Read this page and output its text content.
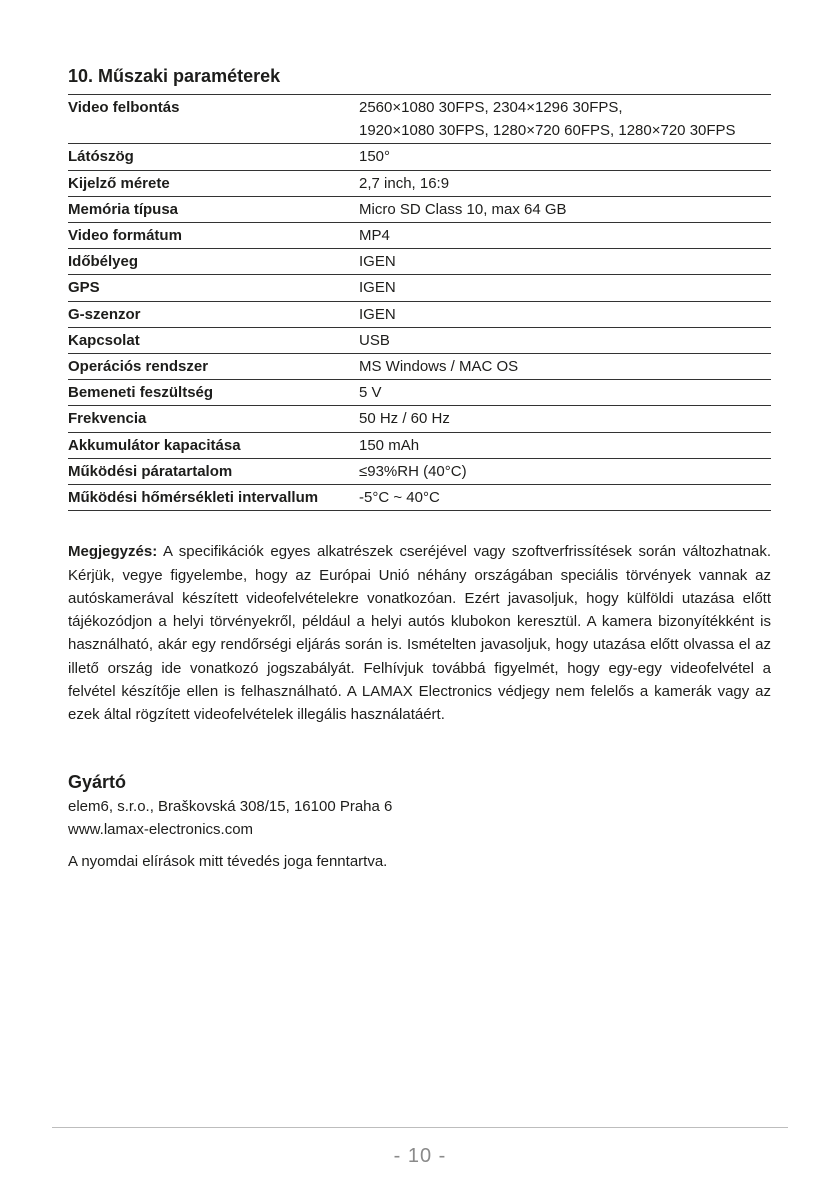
10. Műszaki paraméterek
Video felbontás	2560×1080 30FPS, 2304×1296 30FPS,
1920×1080 30FPS, 1280×720 60FPS, 1280×720 30FPS
Látószög	150°
Kijelző mérete	2,7 inch, 16:9
Memória típusa	Micro SD Class 10, max 64 GB
Video formátum	MP4
Időbélyeg	IGEN
GPS	IGEN
G-szenzor	IGEN
Kapcsolat	USB
Operációs rendszer	MS Windows / MAC OS
Bemeneti feszültség	5 V
Frekvencia	50 Hz / 60 Hz
Akkumulátor kapacitása	150 mAh
Működési páratartalom	≤93%RH (40°C)
Működési hőmérsékleti intervallum	-5°C ~ 40°C
Megjegyzés: A specifikációk egyes alkatrészek cseréjével vagy szoftverfrissítések során változhatnak. Kérjük, vegye figyelembe, hogy az Európai Unió néhány országában speciális törvények vannak az autóskamerával készített videofelvételekre vonatkozóan. Ezért javasoljuk, hogy külföldi utazása előtt tájékozódjon a helyi törvényekről, például a helyi autós klubokon keresztül. A kamera bizonyítékként is használható, akár egy rendőrségi eljárás során is. Ismételten javasoljuk, hogy utazása előtt olvassa el az illető ország ide vonatkozó jogszabályát. Felhívjuk továbbá figyelmét, hogy egy-egy videofelvétel a felvétel készítője ellen is felhasználható. A LAMAX Electronics védjegy nem felelős a kamerák vagy az ezek által rögzített videofelvételek illegális használatáért.
Gyártó
elem6, s.r.o., Braškovská 308/15, 16100 Praha 6
www.lamax-electronics.com
A nyomdai elírások mitt tévedés joga fenntartva.
- 10 -
